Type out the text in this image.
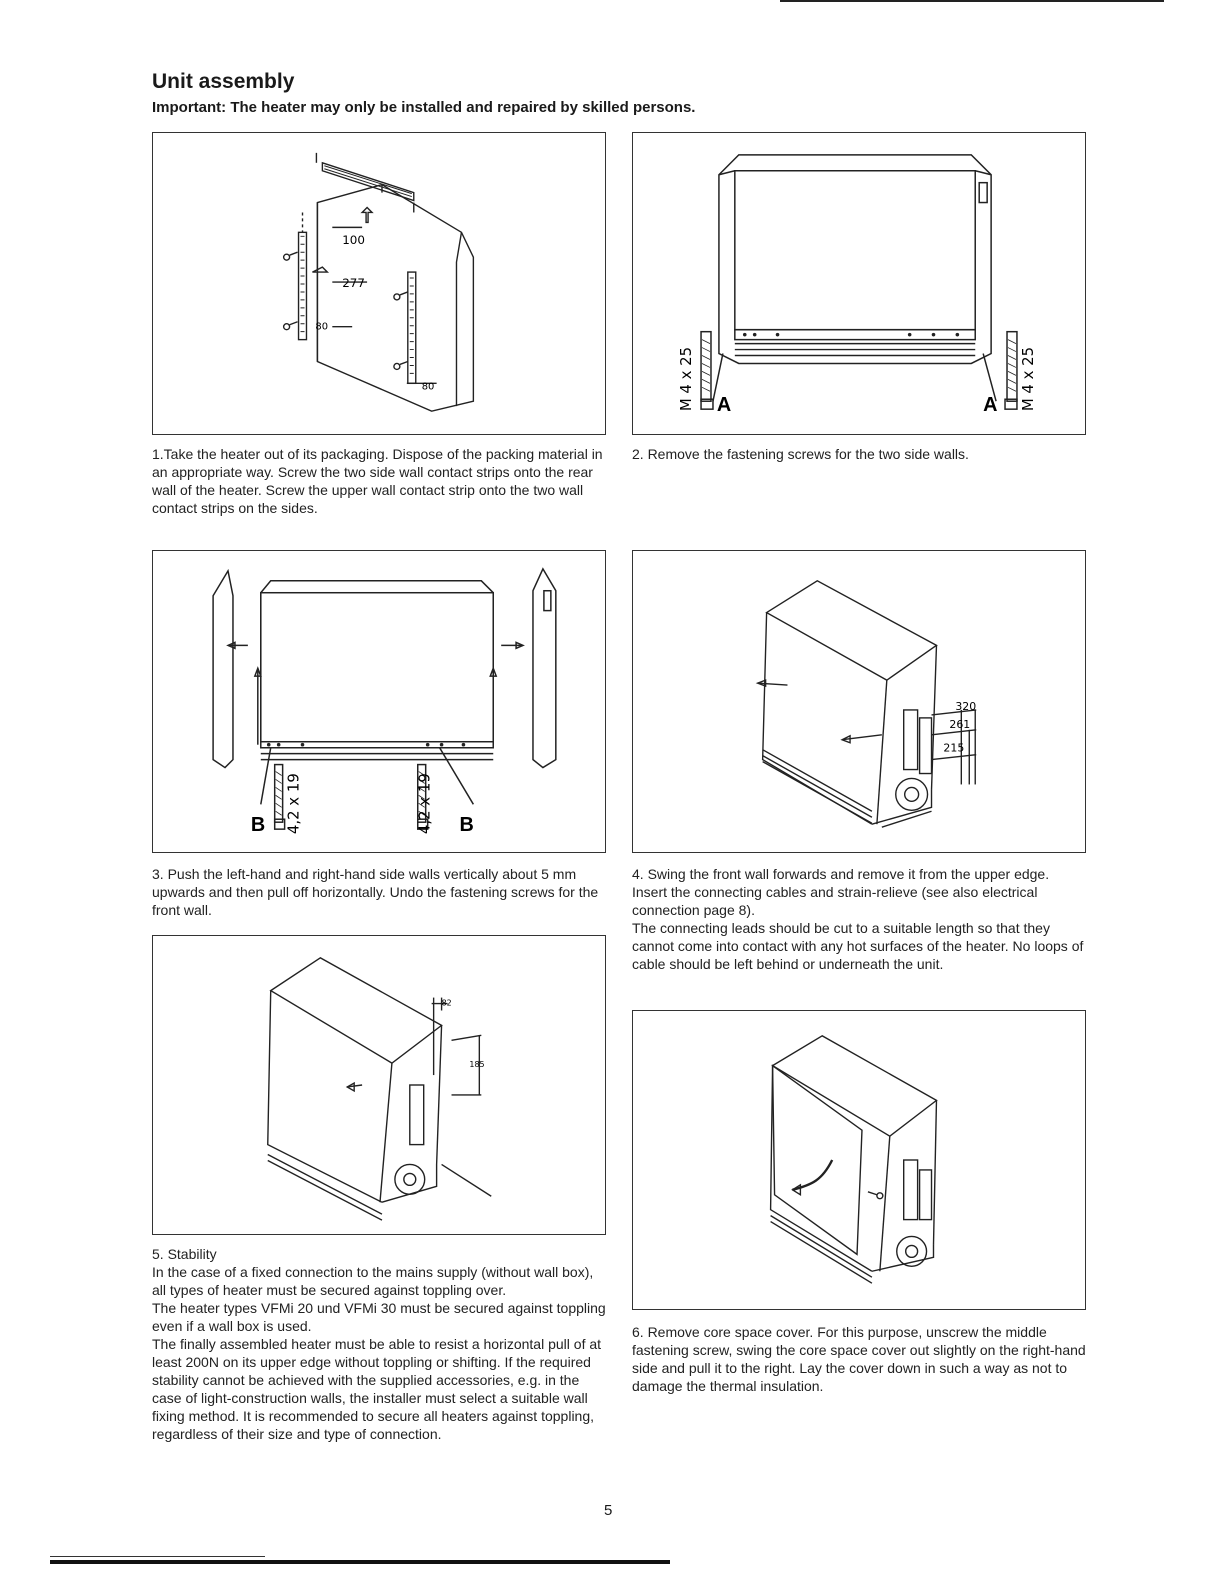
Unit assembly
Important: The heater may only be installed and repaired by skilled persons.
100
277
80
80
1.Take the heater out of its packaging. Dispose of the packing material in an appropriate way. Screw the two side wall contact strips onto the rear wall of the heater. Screw the upper wall contact strip onto the two wall contact strips on the sides.
M 4 x 25	M 4 x 25
A	A
2. Remove the fastening screws for the two side walls.
4,2 x 19	4,2 x 19
B	B
3. Push the left-hand and right-hand side walls vertically about 5 mm upwards and then pull off horizontally. Undo the fastening screws for the front wall.
320
261
215

4. Swing the front wall forwards and remove it from the upper edge. Insert the connecting cables and strain-relieve (see also electrical connection page 8).

The connecting leads should be cut to a suitable length so that they cannot come into contact with any hot surfaces of the heater. No loops of cable should be left behind or underneath the unit.

82
185

5. Stability

In the case of a fixed connection to the mains supply (without wall box), all types of heater must be secured against toppling over.

The heater types VFMi 20 und VFMi 30 must be secured against toppling even if a wall box is used.

The finally assembled heater must be able to resist a horizontal pull of at least 200N on its upper edge without toppling or shifting. If the required stability cannot be achieved with the supplied accessories, e.g. in the case of light-construction walls, the installer must select a suitable wall fixing method. It is recommended to secure all heaters against toppling, regardless of their size and type of connection.

6. Remove core space cover. For this purpose, unscrew the middle fastening screw, swing the core space cover out slightly on the right-hand side and pull it to the right. Lay the cover down in such a way as not to damage the thermal insulation.
5
